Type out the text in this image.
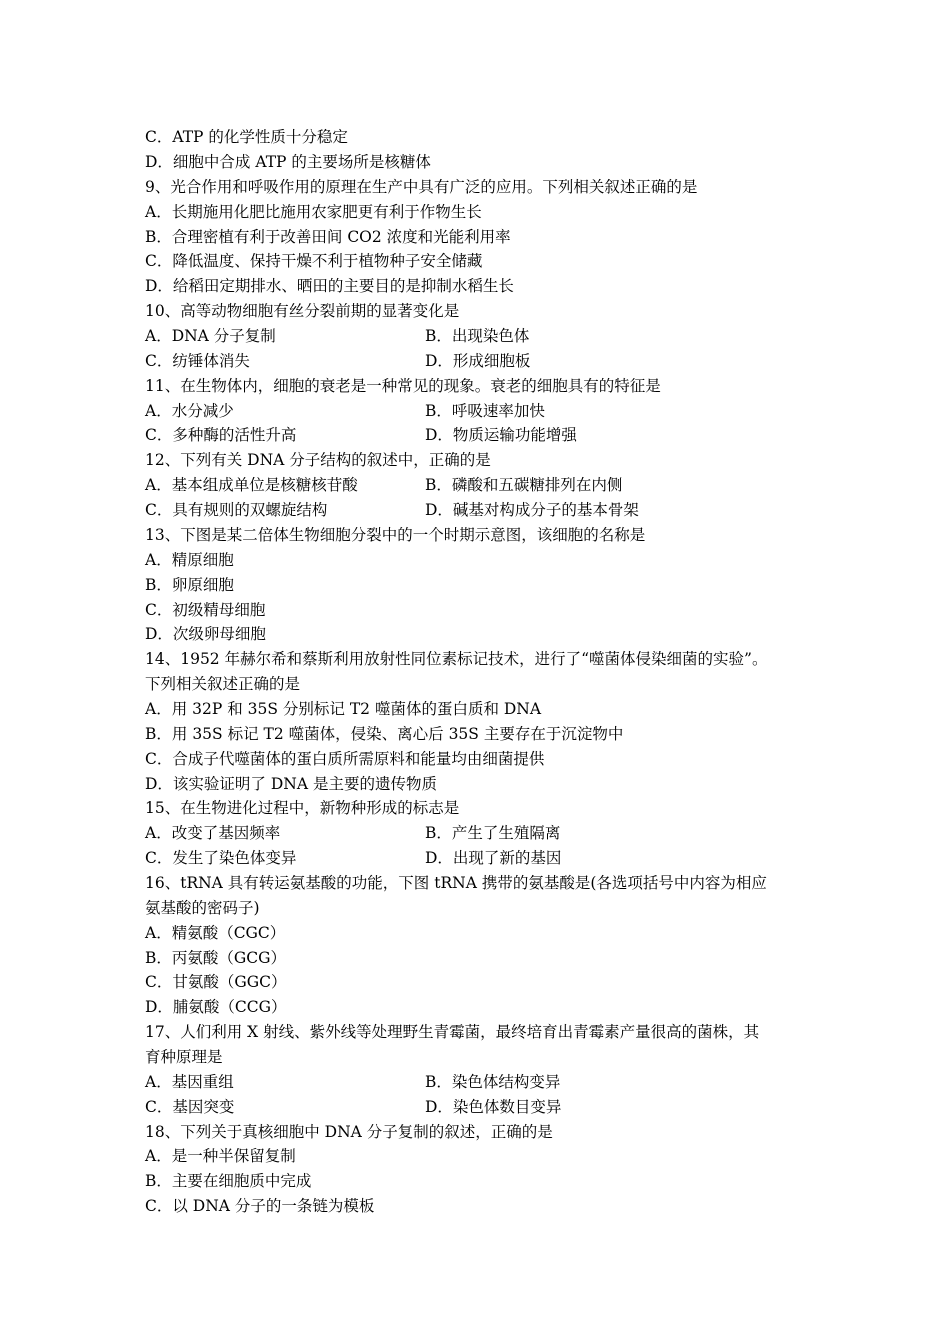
C．ATP 的化学性质十分稳定
D．细胞中合成 ATP 的主要场所是核糖体
9、光合作用和呼吸作用的原理在生产中具有广泛的应用。下列相关叙述正确的是
A．长期施用化肥比施用农家肥更有利于作物生长
B．合理密植有利于改善田间 CO2 浓度和光能利用率
C．降低温度、保持干燥不利于植物种子安全储藏
D．给稻田定期排水、晒田的主要目的是抑制水稻生长
10、高等动物细胞有丝分裂前期的显著变化是
A．DNA 分子复制	B．出现染色体
C．纺锤体消失	D．形成细胞板
11、在生物体内，细胞的衰老是一种常见的现象。衰老的细胞具有的特征是
A．水分减少	B．呼吸速率加快
C．多种酶的活性升高	D．物质运输功能增强
12、下列有关 DNA 分子结构的叙述中，正确的是
A．基本组成单位是核糖核苷酸	B．磷酸和五碳糖排列在内侧
C．具有规则的双螺旋结构	D．碱基对构成分子的基本骨架
13、下图是某二倍体生物细胞分裂中的一个时期示意图，该细胞的名称是
A．精原细胞
B．卵原细胞
C．初级精母细胞
D．次级卵母细胞
14、1952 年赫尔希和蔡斯利用放射性同位素标记技术，进行了“噬菌体侵染细菌的实验”。
下列相关叙述正确的是
A．用 32P 和 35S 分别标记 T2 噬菌体的蛋白质和 DNA
B．用 35S 标记 T2 噬菌体，侵染、离心后 35S 主要存在于沉淀物中
C．合成子代噬菌体的蛋白质所需原料和能量均由细菌提供
D．该实验证明了 DNA 是主要的遗传物质
15、在生物进化过程中，新物种形成的标志是
A．改变了基因频率	B．产生了生殖隔离
C．发生了染色体变异	D．出现了新的基因
16、tRNA 具有转运氨基酸的功能，下图 tRNA 携带的氨基酸是(各选项括号中内容为相应
氨基酸的密码子)
A．精氨酸（CGC）
B．丙氨酸（GCG）
C．甘氨酸（GGC）
D．脯氨酸（CCG）
17、人们利用 X 射线、紫外线等处理野生青霉菌，最终培育出青霉素产量很高的菌株，其
育种原理是
A．基因重组	B．染色体结构变异
C．基因突变	D．染色体数目变异
18、下列关于真核细胞中 DNA 分子复制的叙述，正确的是
A．是一种半保留复制
B．主要在细胞质中完成
C．以 DNA 分子的一条链为模板
